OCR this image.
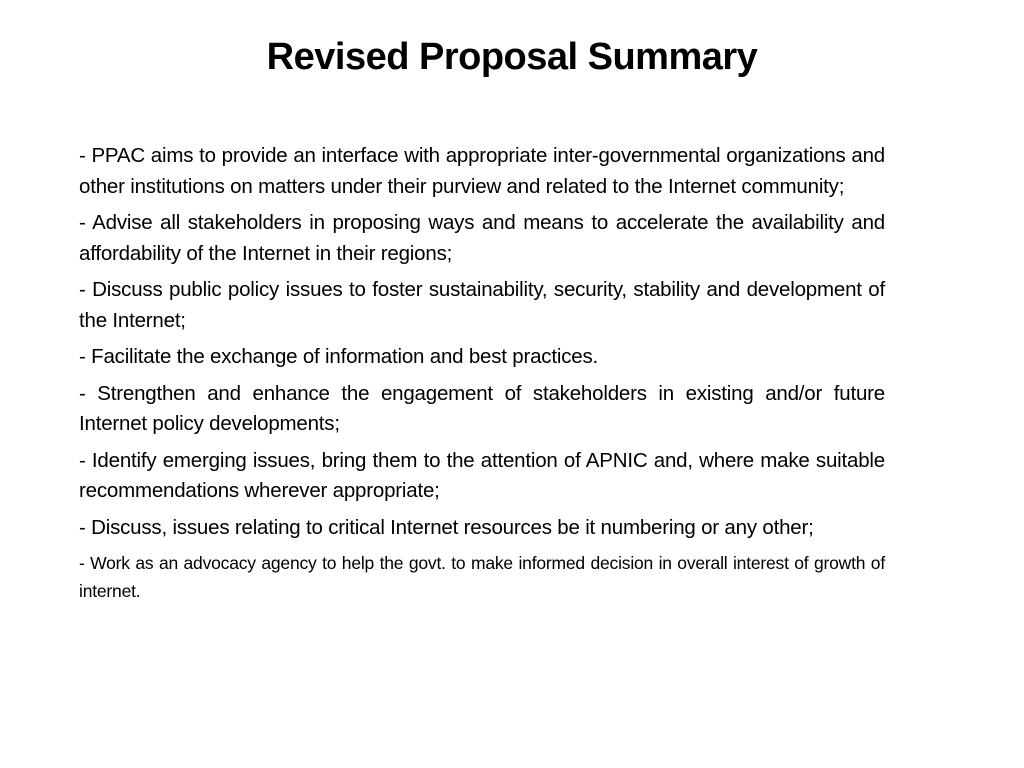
Revised Proposal Summary
- PPAC aims to provide an interface with appropriate inter-governmental organizations and other institutions on matters under their purview and related to the Internet community;
- Advise all stakeholders in proposing ways and means to accelerate the availability and affordability of the Internet in their regions;
- Discuss public policy issues to foster sustainability, security, stability and development of the Internet;
- Facilitate the exchange of information and best practices.
- Strengthen and enhance the engagement of stakeholders in existing and/or future Internet policy developments;
- Identify emerging issues, bring them to the attention of APNIC and, where make suitable recommendations wherever appropriate;
- Discuss, issues relating to critical Internet resources be it numbering or any other;
- Work as an advocacy agency to help the govt. to make informed decision in overall interest of growth of internet.
